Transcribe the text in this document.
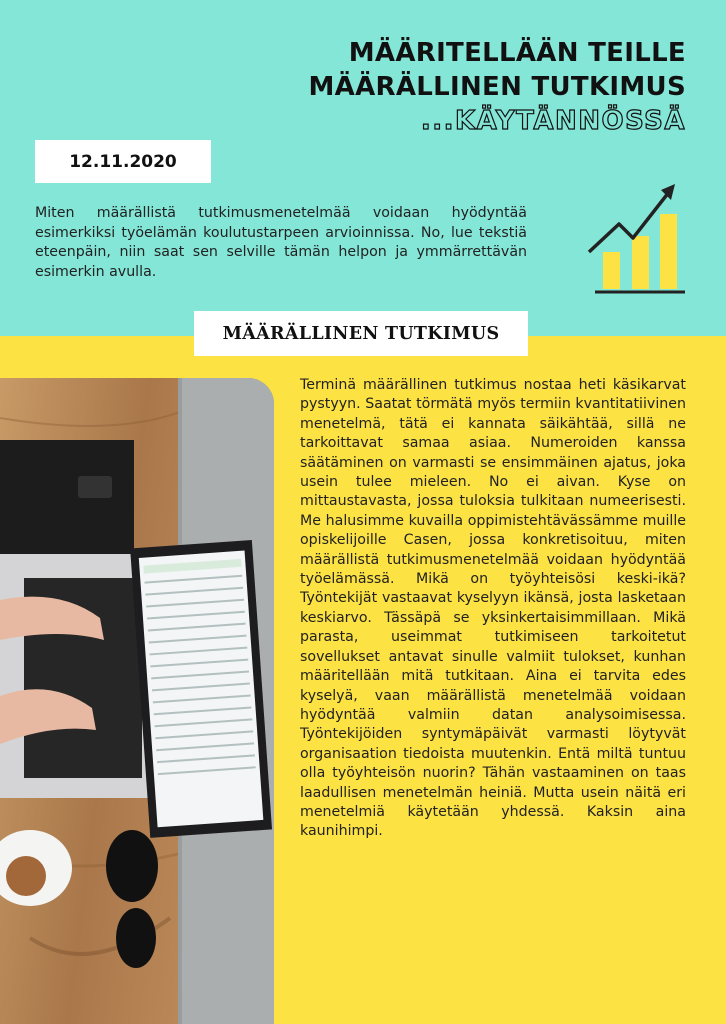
MÄÄRITELLÄÄN TEILLE
MÄÄRÄLLINEN TUTKIMUS
...KÄYTÄNNÖSSÄ
12.11.2020

Miten määrällistä tutkimusmenetelmää voidaan hyödyntää esimerkiksi työelämän koulutustarpeen arvioinnissa. No, lue tekstiä eteenpäin, niin saat sen selville tämän helpon ja ymmärrettävän esimerkin avulla.

MÄÄRÄLLINEN TUTKIMUS

Terminä määrällinen tutkimus nostaa heti käsikarvat pystyyn. Saatat törmätä myös termiin kvantitatiivinen menetelmä, tätä ei kannata säikähtää, sillä ne tarkoittavat samaa asiaa. Numeroiden kanssa säätäminen on varmasti se ensimmäinen ajatus, joka usein tulee mieleen. No ei aivan. Kyse on mittaustavasta, jossa tuloksia tulkitaan numeerisesti. Me halusimme kuvailla oppimistehtävässämme muille opiskelijoille Casen, jossa konkretisoituu, miten määrällistä tutkimusmenetelmää voidaan hyödyntää työelämässä. Mikä on työyhteisösi keski-ikä? Työntekijät vastaavat kyselyyn ikänsä, josta lasketaan keskiarvo. Tässäpä se yksinkertaisimmillaan. Mikä parasta, useimmat tutkimiseen tarkoitetut sovellukset antavat sinulle valmiit tulokset, kunhan määritellään mitä tutkitaan. Aina ei tarvita edes kyselyä, vaan määrällistä menetelmää voidaan hyödyntää valmiin datan analysoimisessa. Työntekijöiden syntymäpäivät varmasti löytyvät organisaation tiedoista muutenkin. Entä miltä tuntuu olla työyhteisön nuorin? Tähän vastaaminen on taas laadullisen menetelmän heiniä. Mutta usein näitä eri menetelmiä käytetään yhdessä. Kaksin aina kaunihimpi.
